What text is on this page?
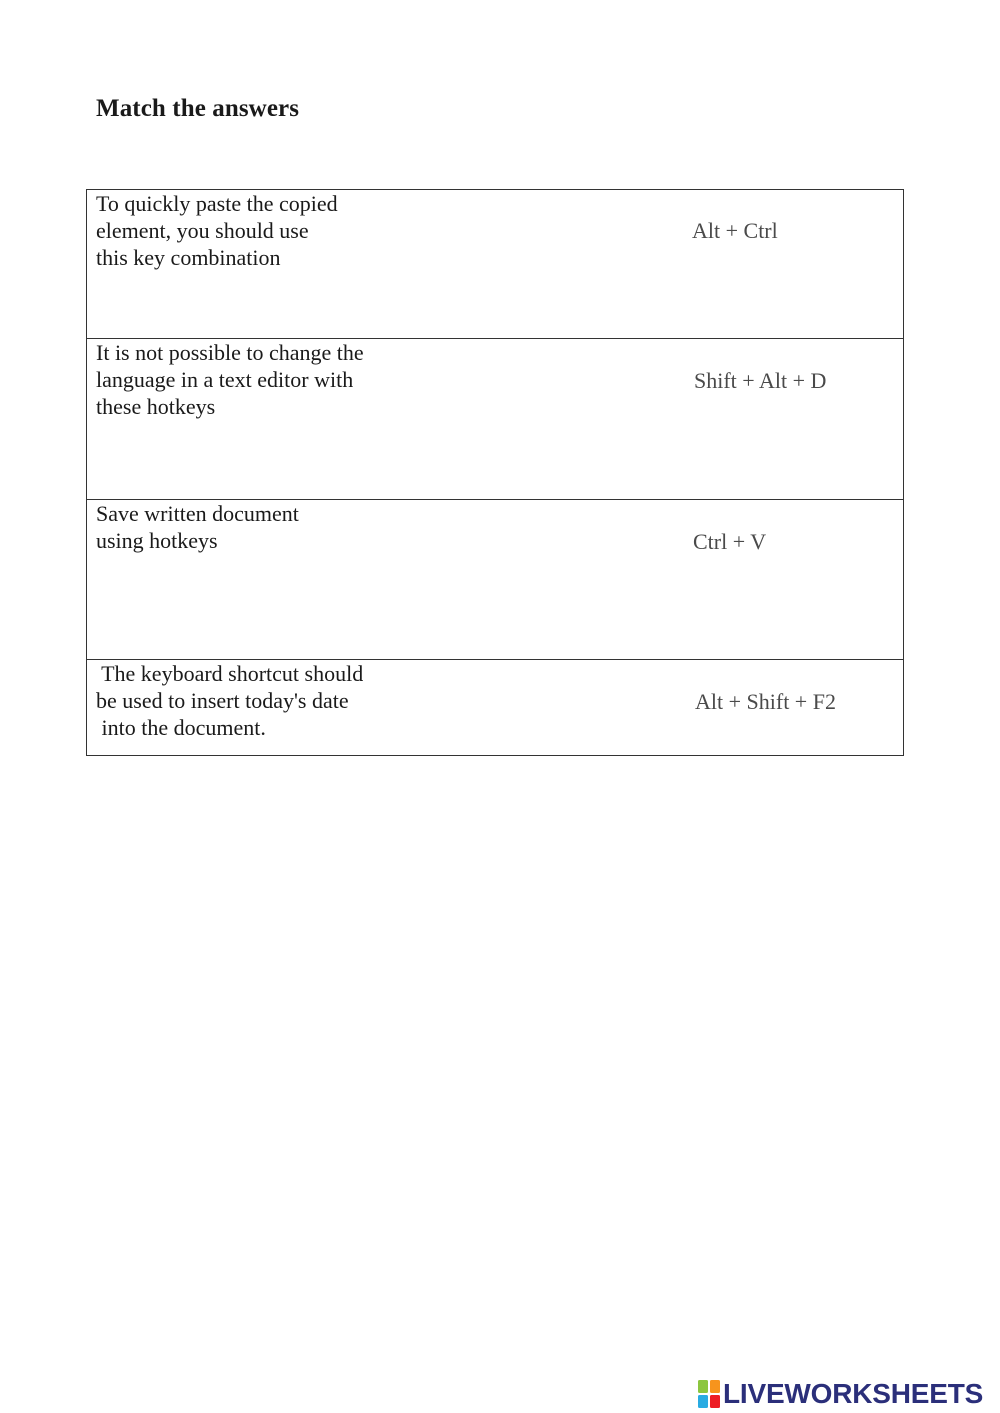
Match the answers
To quickly paste the copied
element, you should use
this key combination
Alt + Ctrl
It is not possible to change the
language in a text editor with
these hotkeys
Shift + Alt + D
Save written document
using hotkeys	Ctrl + V
The keyboard shortcut should
be used to insert today's date
into the document.
Alt + Shift + F2
LIVEWORKSHEETS
